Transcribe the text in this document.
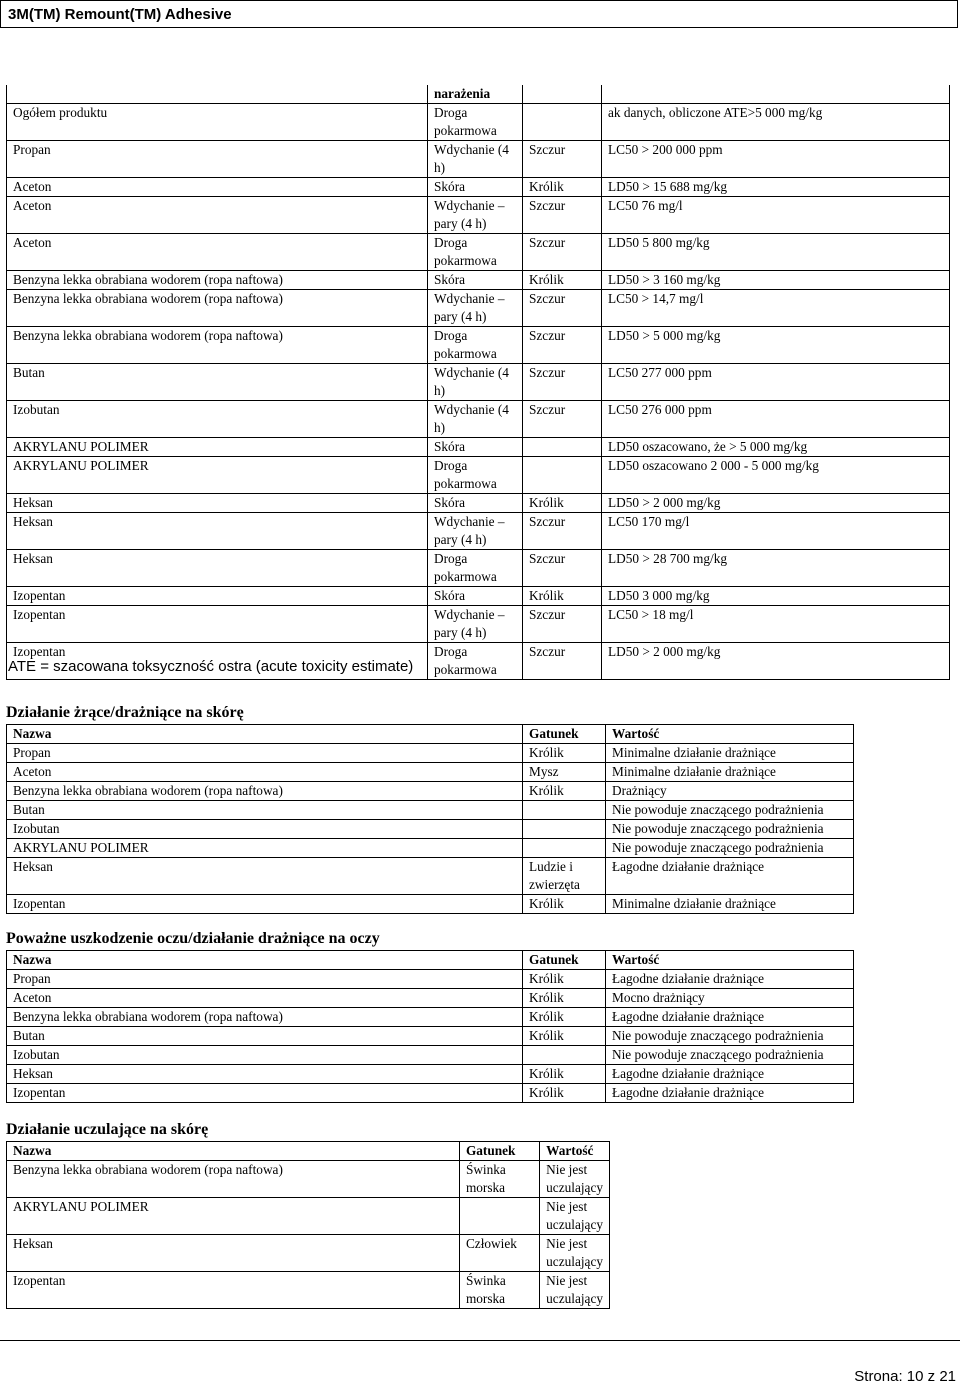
3M(TM) Remount(TM) Adhesive
	narażenia		
Ogółem produktu	Droga pokarmowa		ak danych, obliczone ATE>5 000 mg/kg
Propan	Wdychanie (4 h)	Szczur	LC50 > 200 000 ppm
Aceton	Skóra	Królik	LD50 > 15 688 mg/kg
Aceton	Wdychanie – pary (4 h)	Szczur	LC50 76 mg/l
Aceton	Droga pokarmowa	Szczur	LD50 5 800 mg/kg
Benzyna lekka obrabiana wodorem (ropa naftowa)	Skóra	Królik	LD50 > 3 160 mg/kg
Benzyna lekka obrabiana wodorem (ropa naftowa)	Wdychanie – pary (4 h)	Szczur	LC50 > 14,7 mg/l
Benzyna lekka obrabiana wodorem (ropa naftowa)	Droga pokarmowa	Szczur	LD50 > 5 000 mg/kg
Butan	Wdychanie (4 h)	Szczur	LC50 277 000 ppm
Izobutan	Wdychanie (4 h)	Szczur	LC50 276 000 ppm
AKRYLANU POLIMER	Skóra		LD50 oszacowano, że > 5 000 mg/kg
AKRYLANU POLIMER	Droga pokarmowa		LD50 oszacowano 2 000 - 5 000 mg/kg
Heksan	Skóra	Królik	LD50 > 2 000 mg/kg
Heksan	Wdychanie – pary (4 h)	Szczur	LC50 170 mg/l
Heksan	Droga pokarmowa	Szczur	LD50 > 28 700 mg/kg
Izopentan	Skóra	Królik	LD50 3 000 mg/kg
Izopentan	Wdychanie – pary (4 h)	Szczur	LC50 > 18 mg/l
Izopentan	Droga pokarmowa	Szczur	LD50 > 2 000 mg/kg
ATE = szacowana toksyczność ostra (acute toxicity estimate)
Działanie żrące/drażniące na skórę
Nazwa	Gatunek	Wartość
Propan	Królik	Minimalne działanie drażniące
Aceton	Mysz	Minimalne działanie drażniące
Benzyna lekka obrabiana wodorem (ropa naftowa)	Królik	Drażniący
Butan		Nie powoduje znaczącego podrażnienia
Izobutan		Nie powoduje znaczącego podrażnienia
AKRYLANU POLIMER		Nie powoduje znaczącego podrażnienia
Heksan	Ludzie i zwierzęta	Łagodne działanie drażniące
Izopentan	Królik	Minimalne działanie drażniące
Poważne uszkodzenie oczu/działanie drażniące na oczy
Nazwa	Gatunek	Wartość
Propan	Królik	Łagodne działanie drażniące
Aceton	Królik	Mocno drażniący
Benzyna lekka obrabiana wodorem (ropa naftowa)	Królik	Łagodne działanie drażniące
Butan	Królik	Nie powoduje znaczącego podrażnienia
Izobutan		Nie powoduje znaczącego podrażnienia
Heksan	Królik	Łagodne działanie drażniące
Izopentan	Królik	Łagodne działanie drażniące
Działanie uczulające na skórę
Nazwa	Gatunek	Wartość
Benzyna lekka obrabiana wodorem (ropa naftowa)	Świnka morska	Nie jest uczulający
AKRYLANU POLIMER		Nie jest uczulający
Heksan	Człowiek	Nie jest uczulający
Izopentan	Świnka morska	Nie jest uczulający
Strona: 10 z 21
